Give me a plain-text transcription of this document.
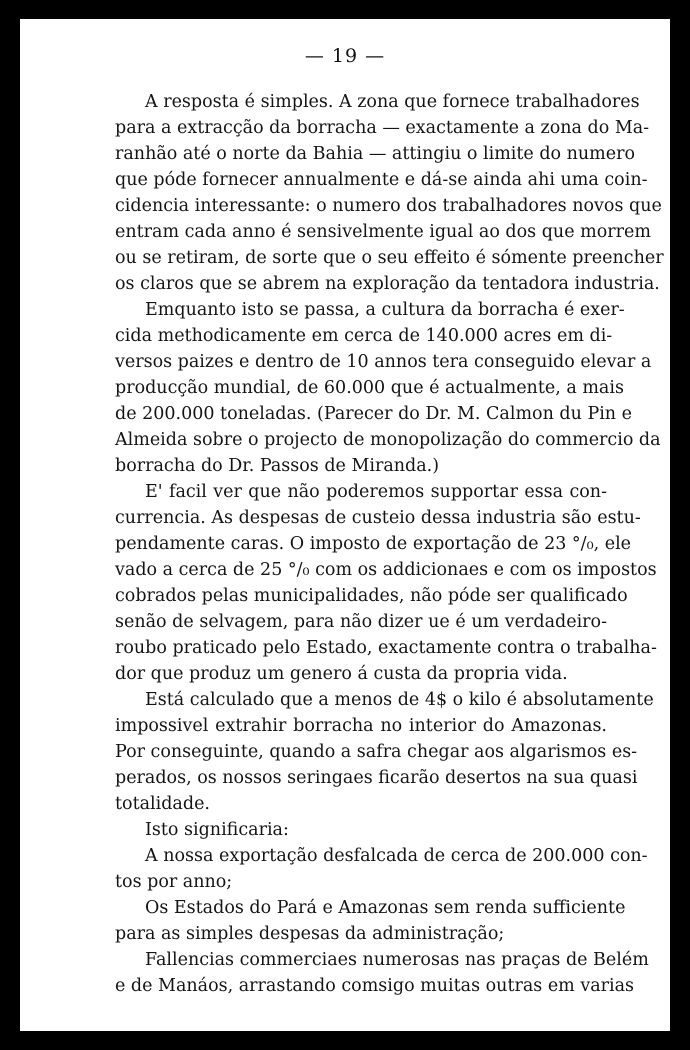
— 19 —
A resposta é simples. A zona que fornece trabalhadores
para a extracção da borracha — exactamente a zona do Ma-
ranhão até o norte da Bahia — attingiu o limite do numero
que póde fornecer annualmente e dá-se ainda ahi uma coin-
cidencia interessante: o numero dos trabalhadores novos que
entram cada anno é sensivelmente igual ao dos que morrem
ou se retiram, de sorte que o seu effeito é sómente preencher
os claros que se abrem na exploração da tentadora industria.
Emquanto isto se passa, a cultura da borracha é exer-
cida methodicamente em cerca de 140.000 acres em di-
versos paizes e dentro de 10 annos tera conseguido elevar a
producção mundial, de 60.000 que é actualmente, a mais
de 200.000 toneladas. (Parecer do Dr. M. Calmon du Pin e
Almeida sobre o projecto de monopolização do commercio da
borracha do Dr. Passos de Miranda.)
E' facil ver que não poderemos supportar essa con-
currencia. As despesas de custeio dessa industria são estu-
pendamente caras. O imposto de exportação de 23 °/₀, ele
vado a cerca de 25 °/₀ com os addicionaes e com os impostos
cobrados pelas municipalidades, não póde ser qualificado
senão de selvagem, para não dizer ue é um verdadeiro-
roubo praticado pelo Estado, exactamente contra o trabalha-
dor que produz um genero á custa da propria vida.
Está calculado que a menos de 4$ o kilo é absolutamente
impossivel extrahir borracha no interior do Amazonas.
Por conseguinte, quando a safra chegar aos algarismos es-
perados, os nossos seringaes ficarão desertos na sua quasi
totalidade.
Isto significaria:
A nossa exportação desfalcada de cerca de 200.000 con-
tos por anno;
Os Estados do Pará e Amazonas sem renda sufficiente
para as simples despesas da administração;
Fallencias commerciaes numerosas nas praças de Belém
e de Manáos, arrastando comsigo muitas outras em varias
